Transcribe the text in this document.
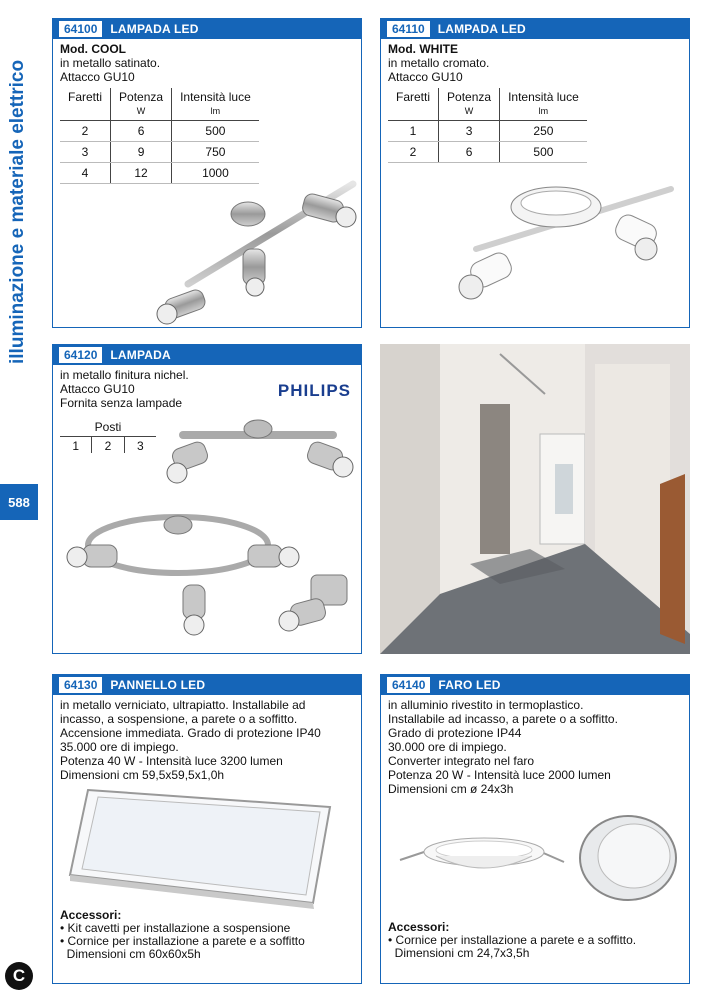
illuminazione e materiale elettrico
588
C
64100	LAMPADA LED
Mod. COOL
in metallo satinato.
Attacco GU10
Faretti	Potenza	Intensità luce
	W	lm
2	6	500
3	9	750
4	12	1000
64110	LAMPADA LED
Mod. WHITE
in metallo cromato.
Attacco GU10
Faretti	Potenza	Intensità luce
	W	lm
1	3	250
2	6	500
64120	LAMPADA
PHILIPS
in metallo finitura nichel.
Attacco GU10
Fornita senza lampade
Posti
1	2	3
64130	PANNELLO LED
in metallo verniciato, ultrapiatto. Installabile ad
incasso, a sospensione, a parete o a soffitto.
Accensione immediata. Grado di protezione IP40
35.000 ore di impiego.
Potenza 40 W - Intensità luce 3200 lumen
Dimensioni cm 59,5x59,5x1,0h
Accessori:
• Kit cavetti per installazione a sospensione
• Cornice per installazione a parete e a soffitto
Dimensioni cm 60x60x5h
64140	FARO LED
in alluminio rivestito in termoplastico.
Installabile ad incasso, a parete o a soffitto.
Grado di protezione IP44
30.000 ore di impiego.
Converter integrato nel faro
Potenza 20 W - Intensità luce 2000 lumen
Dimensioni cm ø 24x3h
Accessori:
• Cornice per installazione a parete e a soffitto.
Dimensioni cm 24,7x3,5h
